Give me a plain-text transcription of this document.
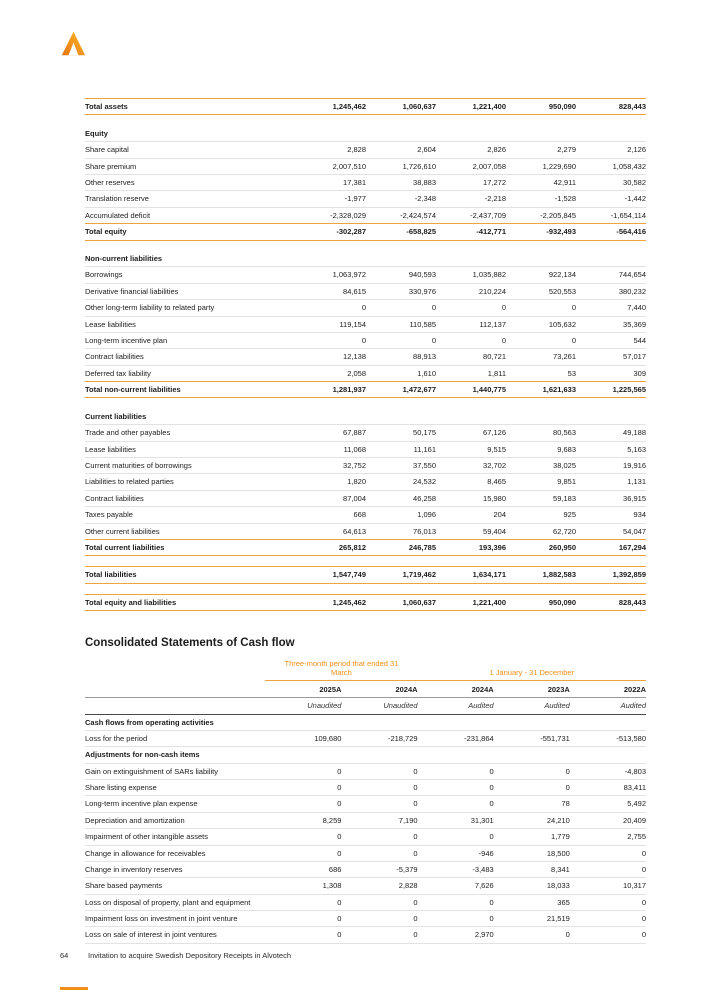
Total assets	1,245,462	1,060,637	1,221,400	950,090	828,443

Equity					
Share capital	2,828	2,604	2,826	2,279	2,126
Share premium	2,007,510	1,726,610	2,007,058	1,229,690	1,058,432
Other reserves	17,381	38,883	17,272	42,911	30,582
Translation reserve	-1,977	-2,348	-2,218	-1,528	-1,442
Accumulated deficit	-2,328,029	-2,424,574	-2,437,709	-2,205,845	-1,654,114
Total equity	-302,287	-658,825	-412,771	-932,493	-564,416

Non-current liabilities					
Borrowings	1,063,972	940,593	1,035,882	922,134	744,654
Derivative financial liabilities	84,615	330,976	210,224	520,553	380,232
Other long-term liability to related party	0	0	0	0	7,440
Lease liabilities	119,154	110,585	112,137	105,632	35,369
Long-term incentive plan	0	0	0	0	544
Contract liabilities	12,138	88,913	80,721	73,261	57,017
Deferred tax liability	2,058	1,610	1,811	53	309
Total non-current liabilities	1,281,937	1,472,677	1,440,775	1,621,633	1,225,565

Current liabilities					
Trade and other payables	67,887	50,175	67,126	80,563	49,188
Lease liabilities	11,068	11,161	9,515	9,683	5,163
Current maturities of borrowings	32,752	37,550	32,702	38,025	19,916
Liabilities to related parties	1,820	24,532	8,465	9,851	1,131
Contract liabilities	87,004	46,258	15,980	59,183	36,915
Taxes payable	668	1,096	204	925	934
Other current liabilities	64,613	76,013	59,404	62,720	54,047
Total current liabilities	265,812	246,785	193,396	260,950	167,294

Total liabilities	1,547,749	1,719,462	1,634,171	1,882,583	1,392,859

Total equity and liabilities	1,245,462	1,060,637	1,221,400	950,090	828,443
Consolidated Statements of Cash flow
	Three-month period that ended 31 March		1 January - 31 December		
	2025A	2024A	2024A	2023A	2022A
	Unaudited	Unaudited	Audited	Audited	Audited
Cash flows from operating activities					
Loss for the period	109,680	-218,729	-231,864	-551,731	-513,580
Adjustments for non-cash items					
Gain on extinguishment of SARs liability	0	0	0	0	-4,803
Share listing expense	0	0	0	0	83,411
Long-term incentive plan expense	0	0	0	78	5,492
Depreciation and amortization	8,259	7,190	31,301	24,210	20,409
Impairment of other intangible assets	0	0	0	1,779	2,755
Change in allowance for receivables	0	0	-946	18,500	0
Change in inventory reserves	686	-5,379	-3,483	8,341	0
Share based payments	1,308	2,828	7,626	18,033	10,317
Loss on disposal of property, plant and equipment	0	0	0	365	0
Impairment loss on investment in joint venture	0	0	0	21,519	0
Loss on sale of interest in joint ventures	0	0	2,970	0	0
64	Invitation to acquire Swedish Depository Receipts in Alvotech
